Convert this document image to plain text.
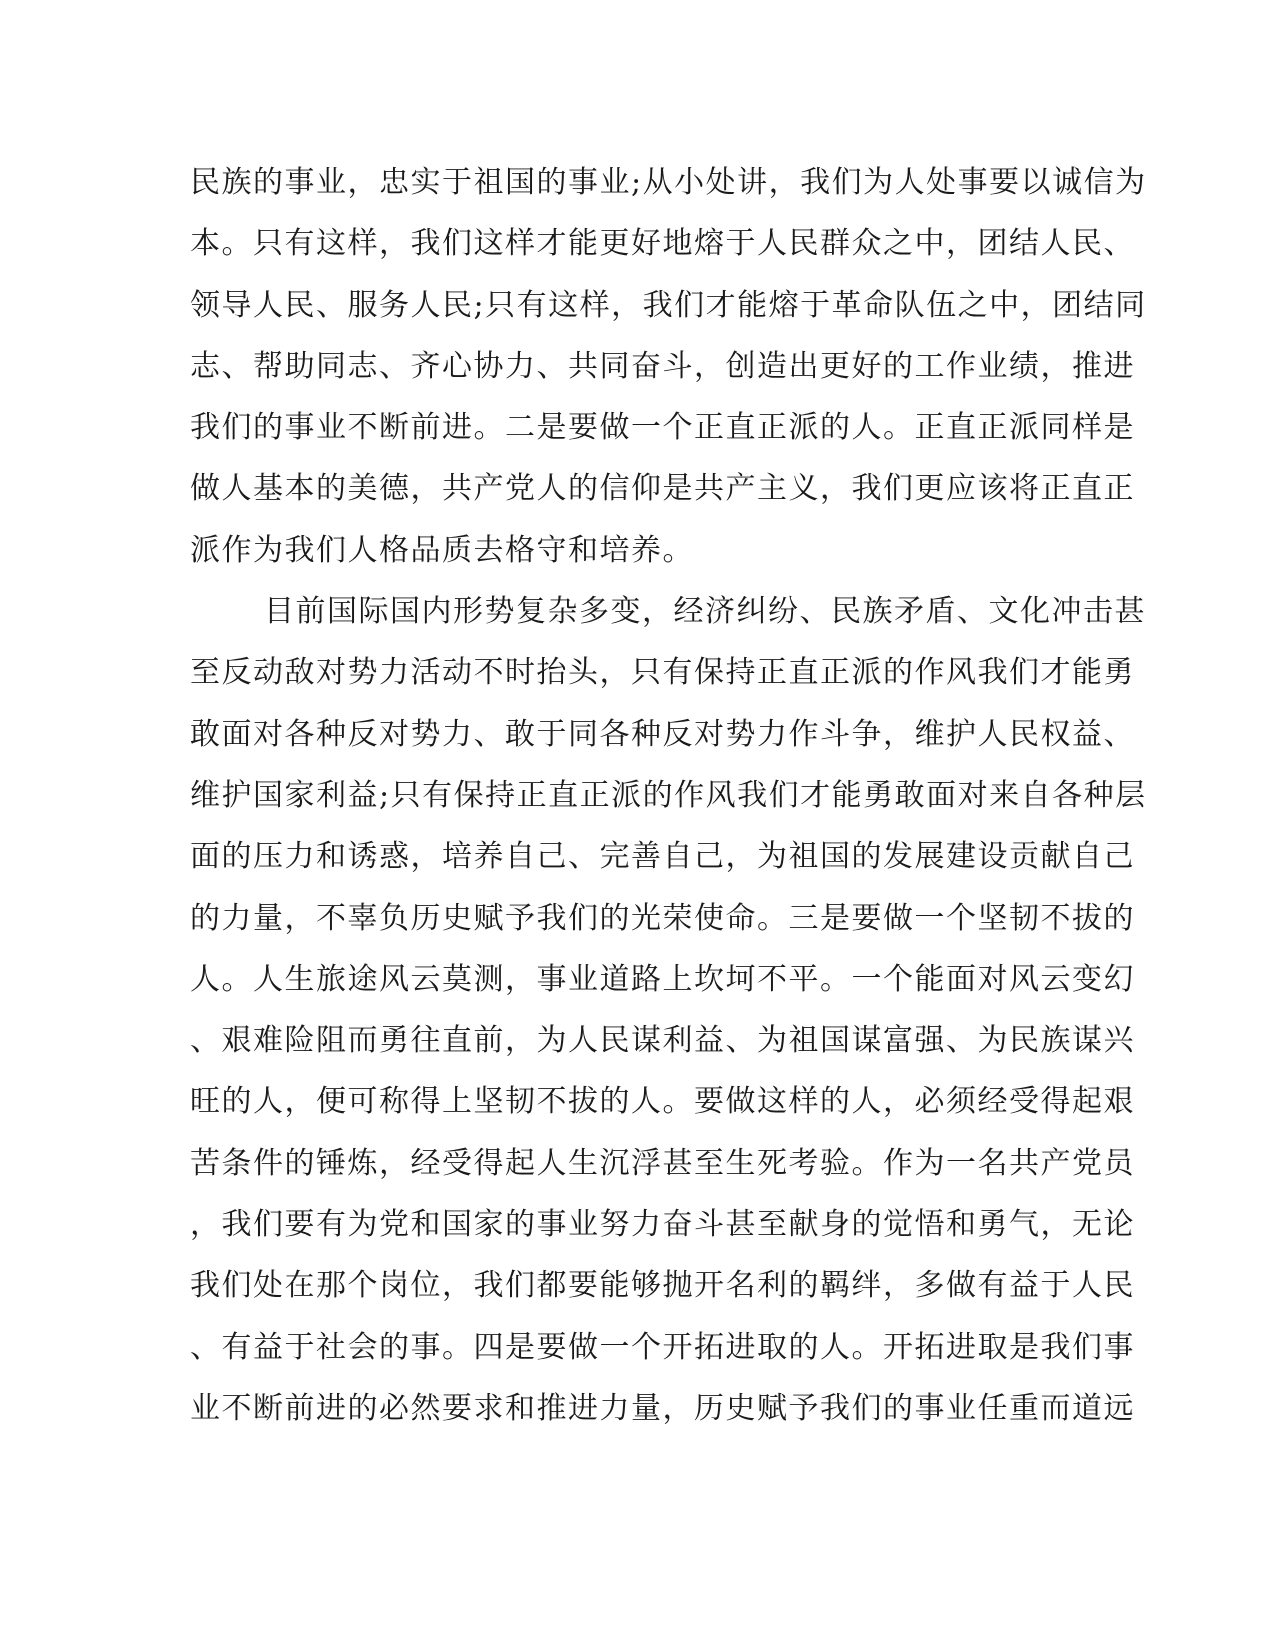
民族的事业，忠实于祖国的事业;从小处讲，我们为人处事要以诚信为
本。只有这样，我们这样才能更好地熔于人民群众之中，团结人民、
领导人民、服务人民;只有这样，我们才能熔于革命队伍之中，团结同
志、帮助同志、齐心协力、共同奋斗，创造出更好的工作业绩，推进
我们的事业不断前进。二是要做一个正直正派的人。正直正派同样是
做人基本的美德，共产党人的信仰是共产主义，我们更应该将正直正
派作为我们人格品质去格守和培养。
目前国际国内形势复杂多变，经济纠纷、民族矛盾、文化冲击甚
至反动敌对势力活动不时抬头，只有保持正直正派的作风我们才能勇
敢面对各种反对势力、敢于同各种反对势力作斗争，维护人民权益、
维护国家利益;只有保持正直正派的作风我们才能勇敢面对来自各种层
面的压力和诱惑，培养自己、完善自己，为祖国的发展建设贡献自己
的力量，不辜负历史赋予我们的光荣使命。三是要做一个坚韧不拔的
人。人生旅途风云莫测，事业道路上坎坷不平。一个能面对风云变幻
、艰难险阻而勇往直前，为人民谋利益、为祖国谋富强、为民族谋兴
旺的人，便可称得上坚韧不拔的人。要做这样的人，必须经受得起艰
苦条件的锤炼，经受得起人生沉浮甚至生死考验。作为一名共产党员
，我们要有为党和国家的事业努力奋斗甚至献身的觉悟和勇气，无论
我们处在那个岗位，我们都要能够抛开名利的羁绊，多做有益于人民
、有益于社会的事。四是要做一个开拓进取的人。开拓进取是我们事
业不断前进的必然要求和推进力量，历史赋予我们的事业任重而道远
